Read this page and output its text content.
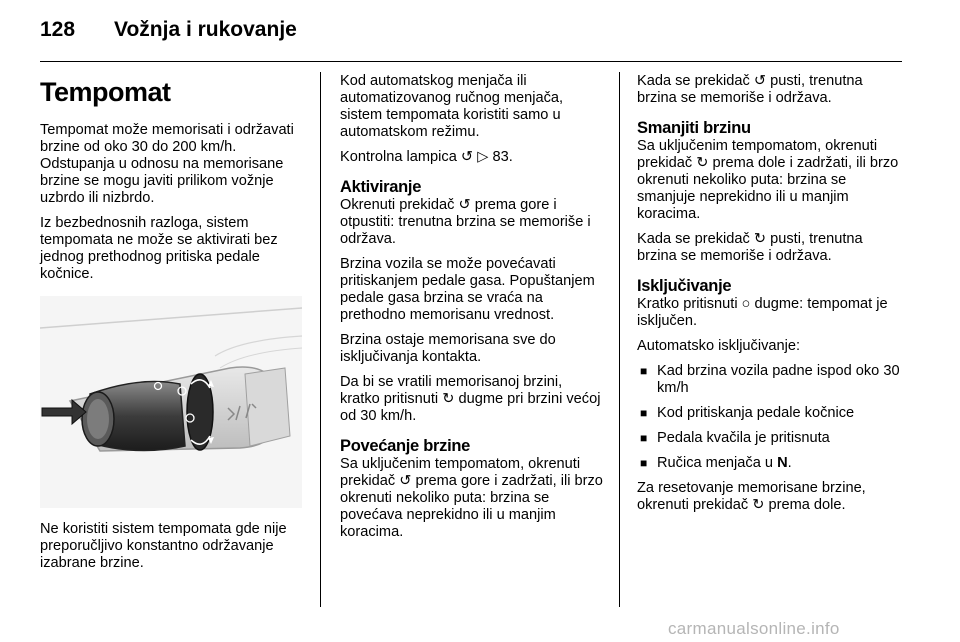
128 Vožnja i rukovanje
Tempomat

Tempomat može memorisati i održavati brzine od oko 30 do 200 km/h. Odstupanja u odnosu na memorisane brzine se mogu javiti prilikom vožnje uzbrdo ili nizbrdo.

Iz bezbednosnih razloga, sistem tempomata ne može se aktivirati bez jednog prethodnog pritiska pedale kočnice.

Ne koristiti sistem tempomata gde nije preporučljivo konstantno održavanje izabrane brzine.

Kod automatskog menjača ili automatizovanog ručnog menjača, sistem tempomata koristiti samo u automatskom režimu.

Kontrolna lampica ↺ ▷ 83.

Aktiviranje

Okrenuti prekidač ↺ prema gore i otpustiti: trenutna brzina se memoriše i održava.

Brzina vozila se može povećavati pritiskanjem pedale gasa. Popuštanjem pedale gasa brzina se vraća na prethodno memorisanu vrednost.

Brzina ostaje memorisana sve do isključivanja kontakta.

Da bi se vratili memorisanoj brzini, kratko pritisnuti ↻ dugme pri brzini većoj od 30 km/h.

Povećanje brzine

Sa uključenim tempomatom, okrenuti prekidač ↺ prema gore i zadržati, ili brzo okrenuti nekoliko puta: brzina se povećava neprekidno ili u manjim koracima.

Kada se prekidač ↺ pusti, trenutna brzina se memoriše i održava.

Smanjiti brzinu

Sa uključenim tempomatom, okrenuti prekidač ↻ prema dole i zadržati, ili brzo okrenuti nekoliko puta: brzina se smanjuje neprekidno ili u manjim koracima.

Kada se prekidač ↻ pusti, trenutna brzina se memoriše i održava.

Isključivanje

Kratko pritisnuti ○ dugme: tempomat je isključen.

Automatsko isključivanje:

■ Kad brzina vozila padne ispod oko 30 km/h
■ Kod pritiskanja pedale kočnice
■ Pedala kvačila je pritisnuta
■ Ručica menjača u N.

Za resetovanje memorisane brzine, okrenuti prekidač ↻ prema dole.

carmanualsonline.info
